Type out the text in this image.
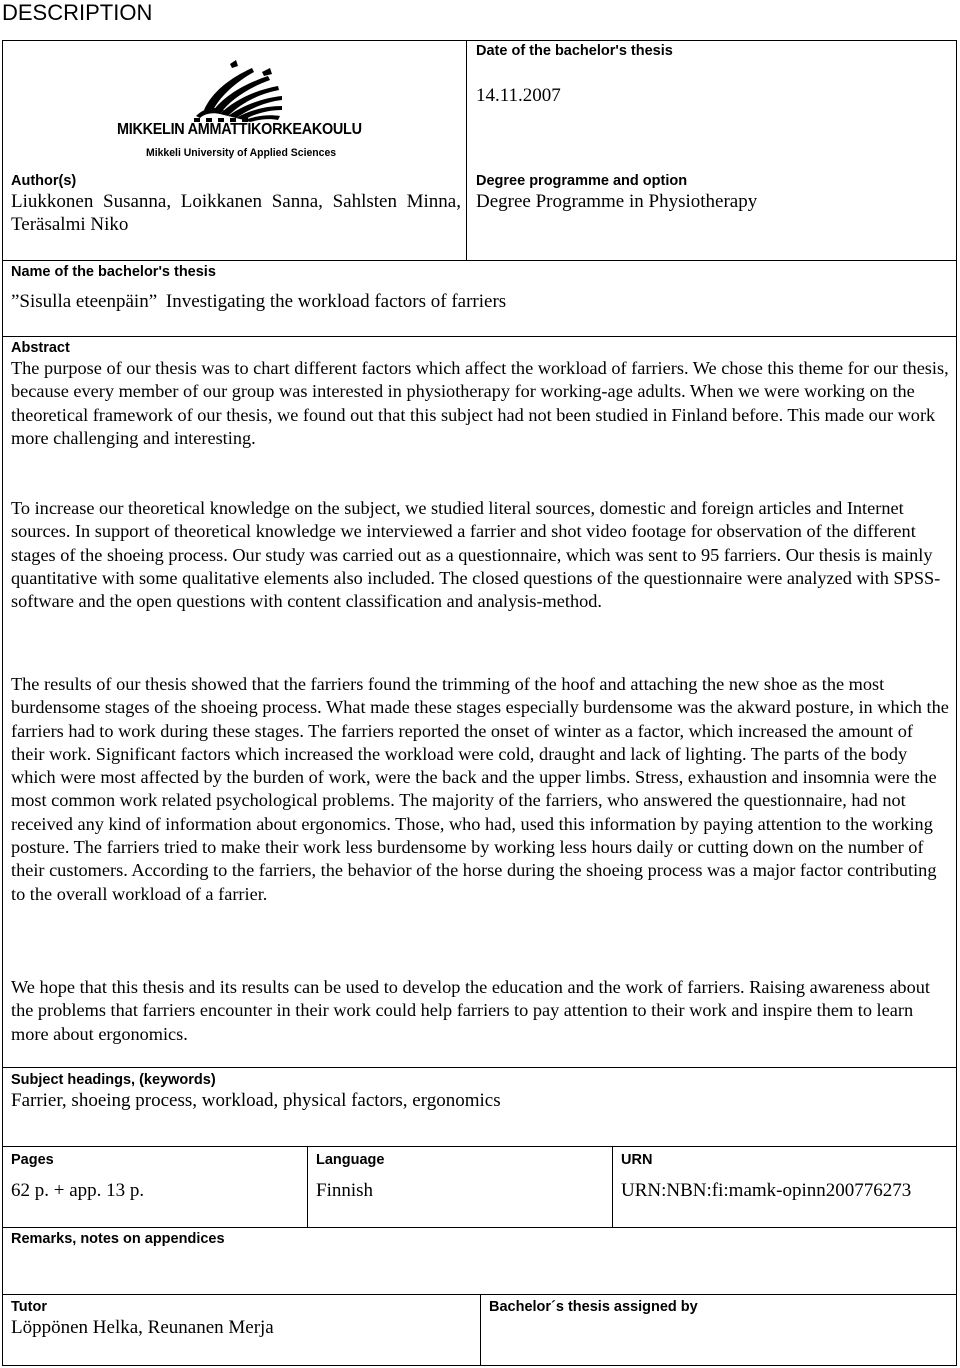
DESCRIPTION
MIKKELIN AMMATTIKORKEAKOULU
Mikkeli University of Applied Sciences
Date of the bachelor's thesis
14.11.2007
Author(s)
Liukkonen Susanna, Loikkanen Sanna, Sahlsten Minna, Teräsalmi Niko
Degree programme and option
Degree Programme in Physiotherapy
Name of the bachelor's thesis
”Sisulla eteenpäin” Investigating the workload factors of farriers
Abstract

The purpose of our thesis was to chart different factors which affect the workload of farriers. We chose this theme for our thesis, because every member of our group was interested in physiotherapy for working-age adults. When we were working on the theoretical framework of our thesis, we found out that this subject had not been studied in Finland before. This made our work more challenging and interesting.

To increase our theoretical knowledge on the subject, we studied literal sources, domestic and foreign articles and Internet sources. In support of theoretical knowledge we interviewed a farrier and shot video footage for observation of the different stages of the shoeing process. Our study was carried out as a questionnaire, which was sent to 95 farriers. Our thesis is mainly quantitative with some qualitative elements also included. The closed questions of the questionnaire were analyzed with SPSS-software and the open questions with content classification and analysis-method.

The results of our thesis showed that the farriers found the trimming of the hoof and attaching the new shoe as the most burdensome stages of the shoeing process. What made these stages especially burdensome was the akward posture, in which the farriers had to work during these stages. The farriers reported the onset of winter as a factor, which increased the amount of their work. Significant factors which increased the workload were cold, draught and lack of lighting. The parts of the body which were most affected by the burden of work, were the back and the upper limbs. Stress, exhaustion and insomnia were the most common work related psychological problems. The majority of the farriers, who answered the questionnaire, had not received any kind of information about ergonomics. Those, who had, used this information by paying attention to the working posture. The farriers tried to make their work less burdensome by working less hours daily or cutting down on the number of their customers. According to the farriers, the behavior of the horse during the shoeing process was a major factor contributing to the overall workload of a farrier.

We hope that this thesis and its results can be used to develop the education and the work of farriers. Raising awareness about the problems that farriers encounter in their work could help farriers to pay attention to their work and inspire them to learn more about ergonomics.

Subject headings, (keywords)
Farrier, shoeing process, workload, physical factors, ergonomics
Pages
62 p. + app. 13 p.
Language
Finnish
URN
URN:NBN:fi:mamk-opinn200776273
Remarks, notes on appendices
Tutor
Löppönen Helka, Reunanen Merja
Bachelor´s thesis assigned by
